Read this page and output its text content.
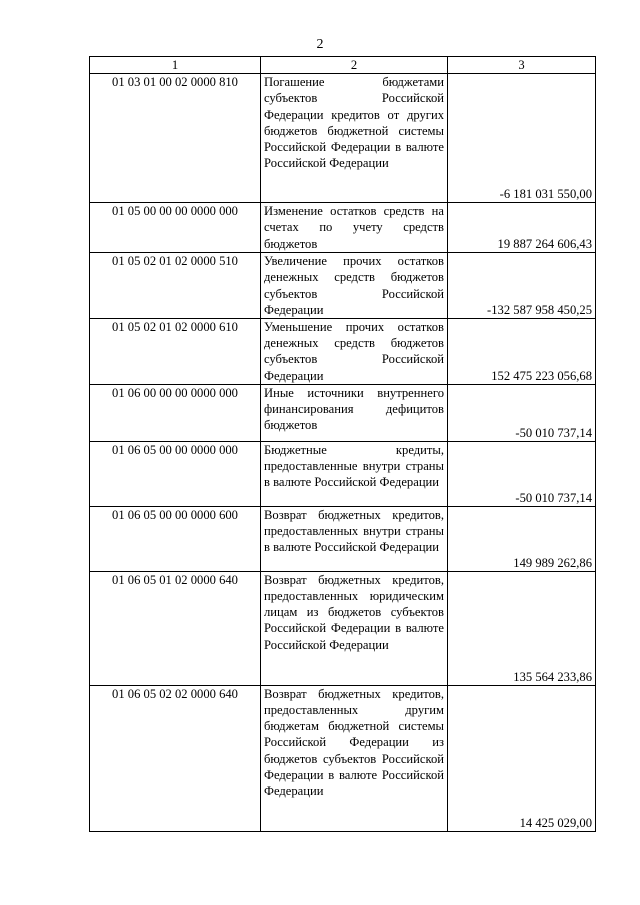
2
1	2	3
01 03 01 00 02 0000 810	Погашение бюджетами субъектов Российской Федерации кредитов от других бюджетов бюджетной системы Российской Федерации в валюте Российской Федерации	-6 181 031 550,00
01 05 00 00 00 0000 000	Изменение остатков средств на счетах по учету средств бюджетов	19 887 264 606,43
01 05 02 01 02 0000 510	Увеличение прочих остатков денежных средств бюджетов субъектов Российской Федерации	-132 587 958 450,25
01 05 02 01 02 0000 610	Уменьшение прочих остатков денежных средств бюджетов субъектов Российской Федерации	152 475 223 056,68
01 06 00 00 00 0000 000	Иные источники внутреннего финансирования дефицитов бюджетов	-50 010 737,14
01 06 05 00 00 0000 000	Бюджетные кредиты, предоставленные внутри страны в валюте Российской Федерации	-50 010 737,14
01 06 05 00 00 0000 600	Возврат бюджетных кредитов, предоставленных внутри страны в валюте Российской Федерации	149 989 262,86
01 06 05 01 02 0000 640	Возврат бюджетных кредитов, предоставленных юридическим лицам из бюджетов субъектов Российской Федерации в валюте Российской Федерации	135 564 233,86
01 06 05 02 02 0000 640	Возврат бюджетных кредитов, предоставленных другим бюджетам бюджетной системы Российской Федерации из бюджетов субъектов Российской Федерации в валюте Российской Федерации	14 425 029,00
